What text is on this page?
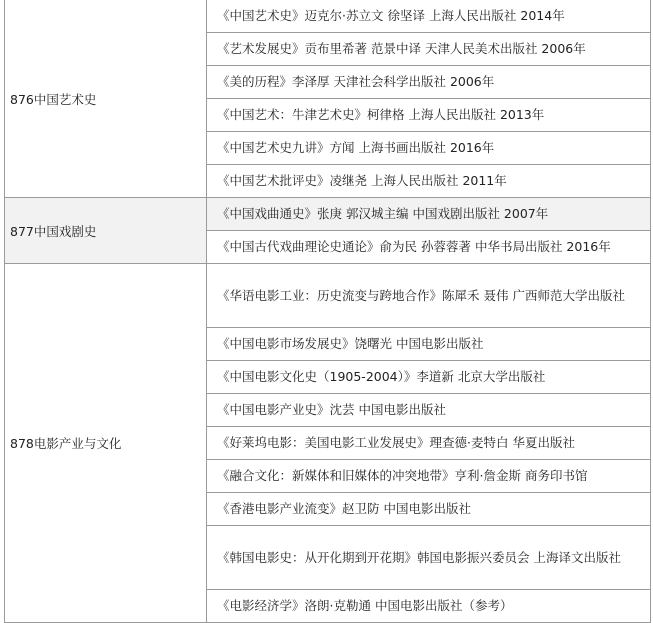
876中国艺术史	《中国艺术史》迈克尔·苏立文 徐坚译 上海人民出版社 2014年
	《艺术发展史》贡布里希著 范景中译 天津人民美术出版社 2006年
	《美的历程》李泽厚 天津社会科学出版社 2006年
	《中国艺术：牛津艺术史》柯律格 上海人民出版社 2013年
	《中国艺术史九讲》方闻 上海书画出版社 2016年
	《中国艺术批评史》凌继尧 上海人民出版社 2011年
877中国戏剧史	《中国戏曲通史》张庚 郭汉城主编 中国戏剧出版社 2007年
	《中国古代戏曲理论史通论》俞为民 孙蓉蓉著 中华书局出版社 2016年
878电影产业与文化	《华语电影工业：历史流变与跨地合作》陈犀禾 聂伟 广西师范大学出版社
	《中国电影市场发展史》饶曙光 中国电影出版社
	《中国电影文化史（1905-2004）》李道新 北京大学出版社
	《中国电影产业史》沈芸 中国电影出版社
	《好莱坞电影：美国电影工业发展史》理查德·麦特白 华夏出版社
	《融合文化：新媒体和旧媒体的冲突地带》亨利·詹金斯 商务印书馆
	《香港电影产业流变》赵卫防 中国电影出版社
	《韩国电影史：从开化期到开花期》韩国电影振兴委员会 上海译文出版社
	《电影经济学》洛朗·克勒通 中国电影出版社（参考）
